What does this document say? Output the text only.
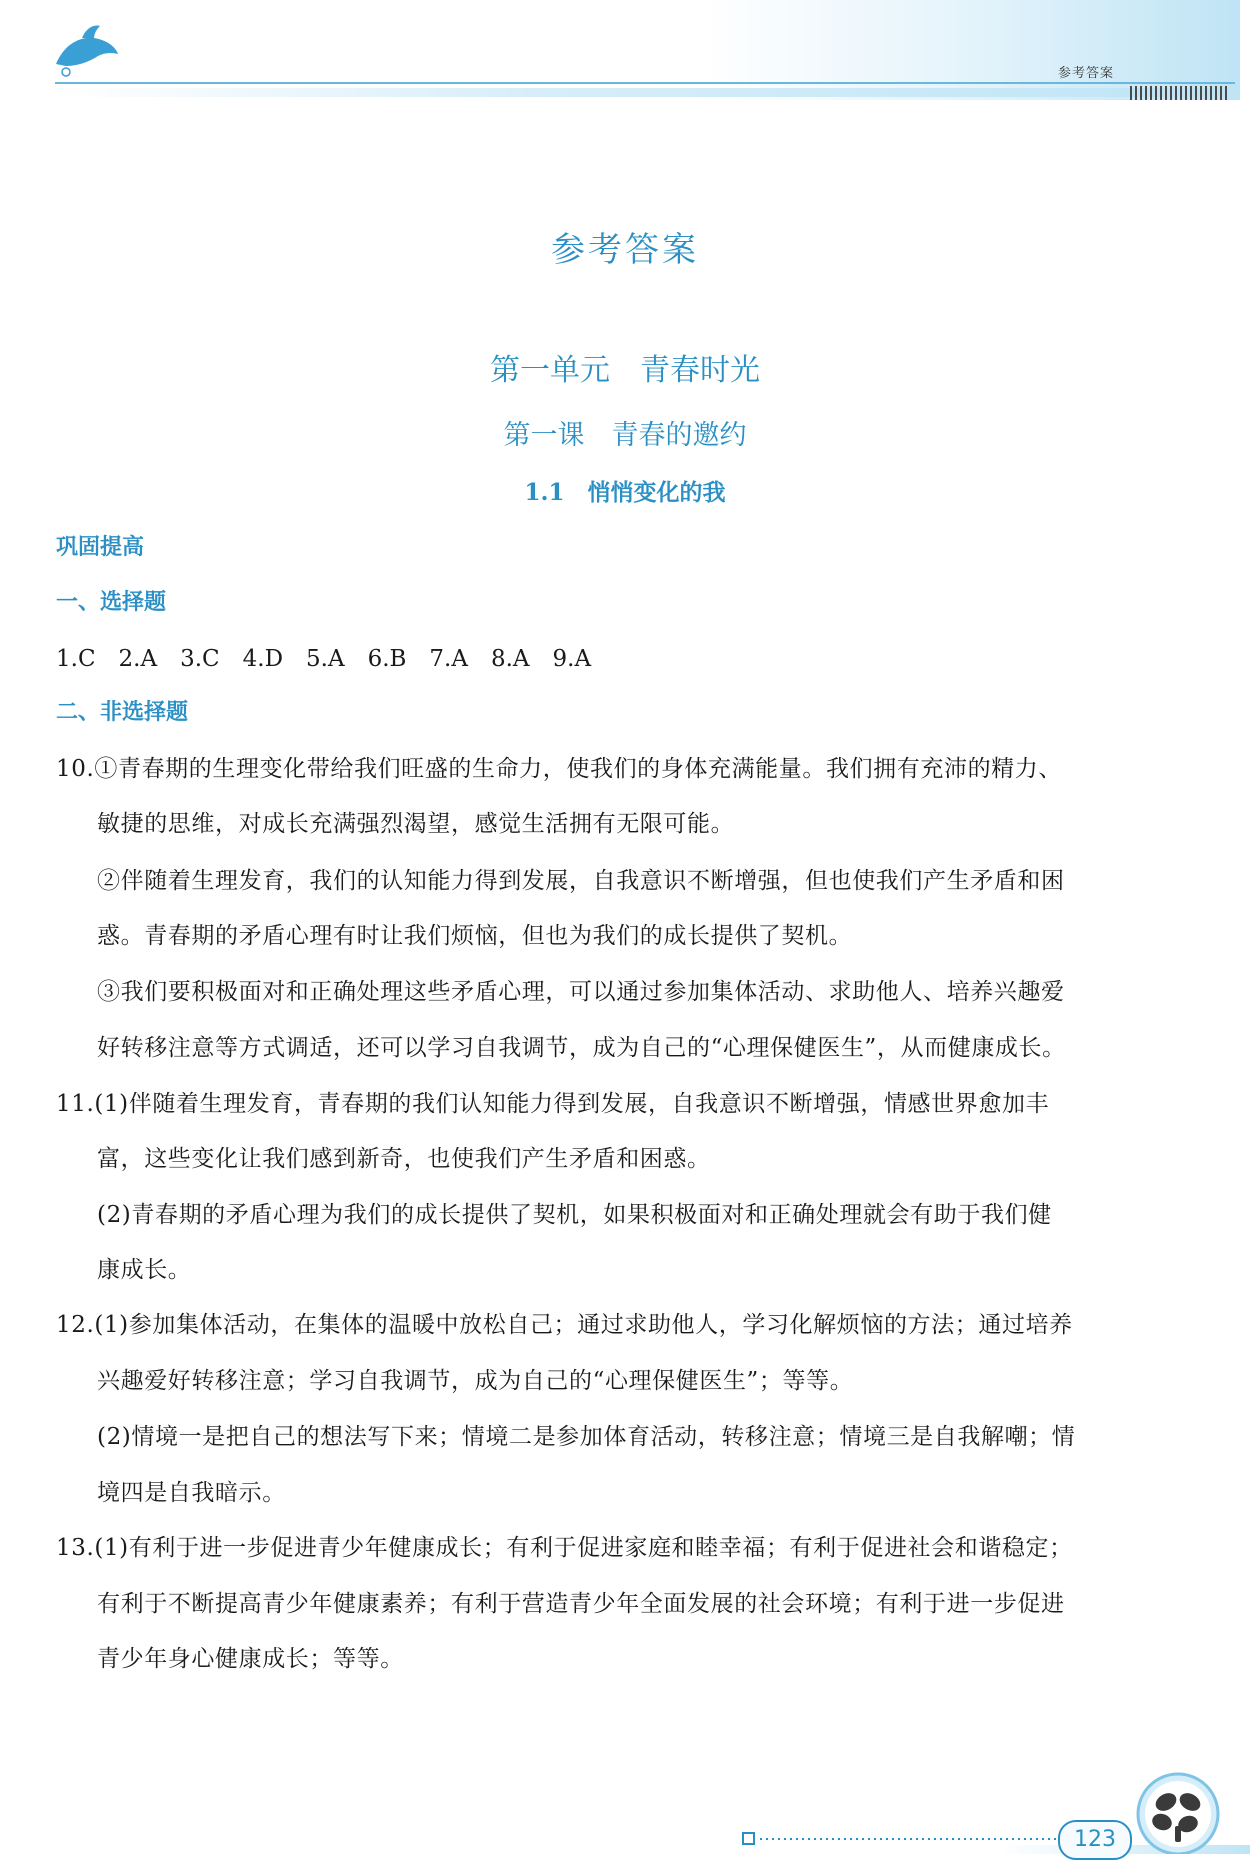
参考答案
参考答案
第一单元　青春时光
第一课　青春的邀约
1.1　悄悄变化的我
巩固提高
一、选择题
1.C　2.A　3.C　4.D　5.A　6.B　7.A　8.A　9.A
二、非选择题
10.①青春期的生理变化带给我们旺盛的生命力，使我们的身体充满能量。我们拥有充沛的精力、
敏捷的思维，对成长充满强烈渴望，感觉生活拥有无限可能。
②伴随着生理发育，我们的认知能力得到发展，自我意识不断增强，但也使我们产生矛盾和困
惑。青春期的矛盾心理有时让我们烦恼，但也为我们的成长提供了契机。
③我们要积极面对和正确处理这些矛盾心理，可以通过参加集体活动、求助他人、培养兴趣爱
好转移注意等方式调适，还可以学习自我调节，成为自己的“心理保健医生”，从而健康成长。
11.(1)伴随着生理发育，青春期的我们认知能力得到发展，自我意识不断增强，情感世界愈加丰
富，这些变化让我们感到新奇，也使我们产生矛盾和困惑。
(2)青春期的矛盾心理为我们的成长提供了契机，如果积极面对和正确处理就会有助于我们健
康成长。
12.(1)参加集体活动，在集体的温暖中放松自己；通过求助他人，学习化解烦恼的方法；通过培养
兴趣爱好转移注意；学习自我调节，成为自己的“心理保健医生”；等等。
(2)情境一是把自己的想法写下来；情境二是参加体育活动，转移注意；情境三是自我解嘲；情
境四是自我暗示。
13.(1)有利于进一步促进青少年健康成长；有利于促进家庭和睦幸福；有利于促进社会和谐稳定；
有利于不断提高青少年健康素养；有利于营造青少年全面发展的社会环境；有利于进一步促进
青少年身心健康成长；等等。
123
